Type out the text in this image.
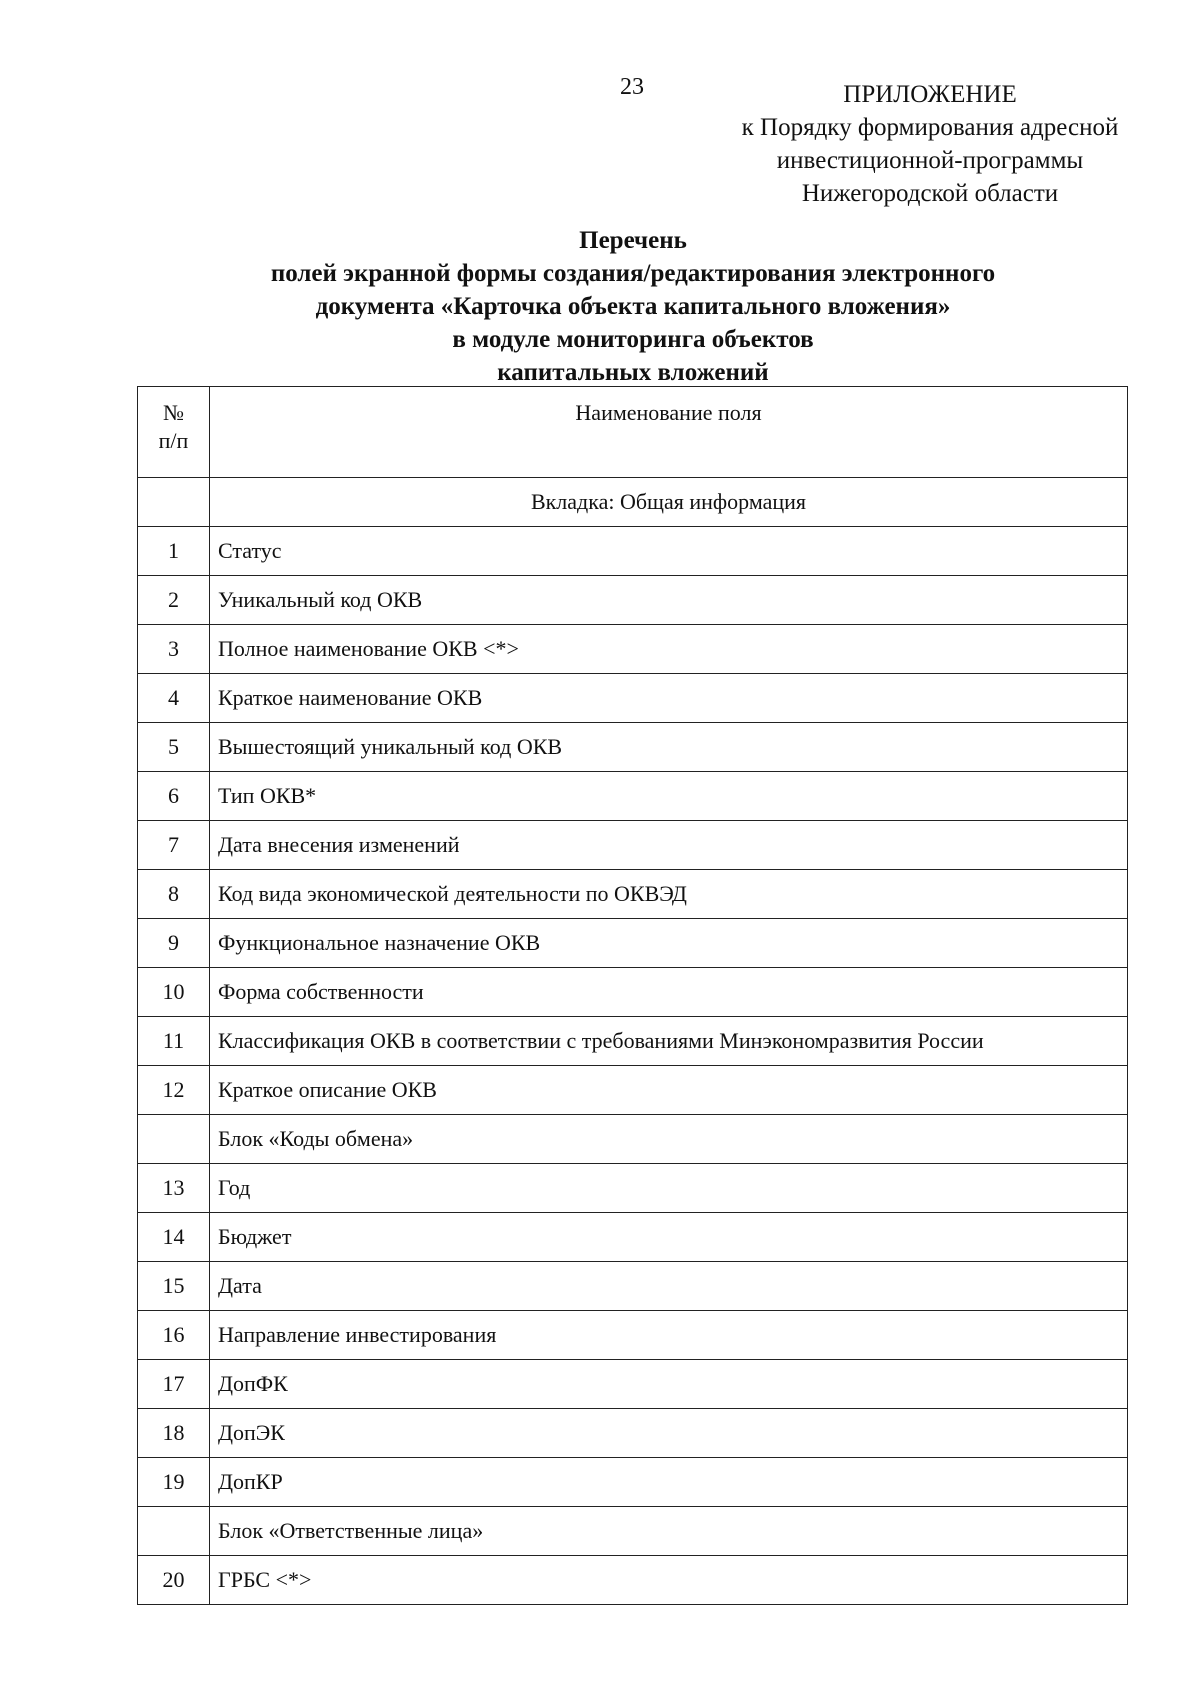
23	ПРИЛОЖЕНИЕ
к Порядку формирования адресной
инвестиционной-программы
Нижегородской области
Перечень
полей экранной формы создания/редактирования электронного
документа «Карточка объекта капитального вложения»
в модуле мониторинга объектов
капитальных вложений
№
п/п	Наименование поля
	Вкладка: Общая информация
1	Статус
2	Уникальный код ОКВ
3	Полное наименование ОКВ <*>
4	Краткое наименование ОКВ
5	Вышестоящий уникальный код ОКВ
6	Тип ОКВ*
7	Дата внесения изменений
8	Код вида экономической деятельности по ОКВЭД
9	Функциональное назначение ОКВ
10	Форма собственности
11	Классификация ОКВ в соответствии с требованиями Минэкономразвития России
12	Краткое описание ОКВ
	Блок «Коды обмена»
13	Год
14	Бюджет
15	Дата
16	Направление инвестирования
17	ДопФК
18	ДопЭК
19	ДопКР
	Блок «Ответственные лица»
20	ГРБС <*>
